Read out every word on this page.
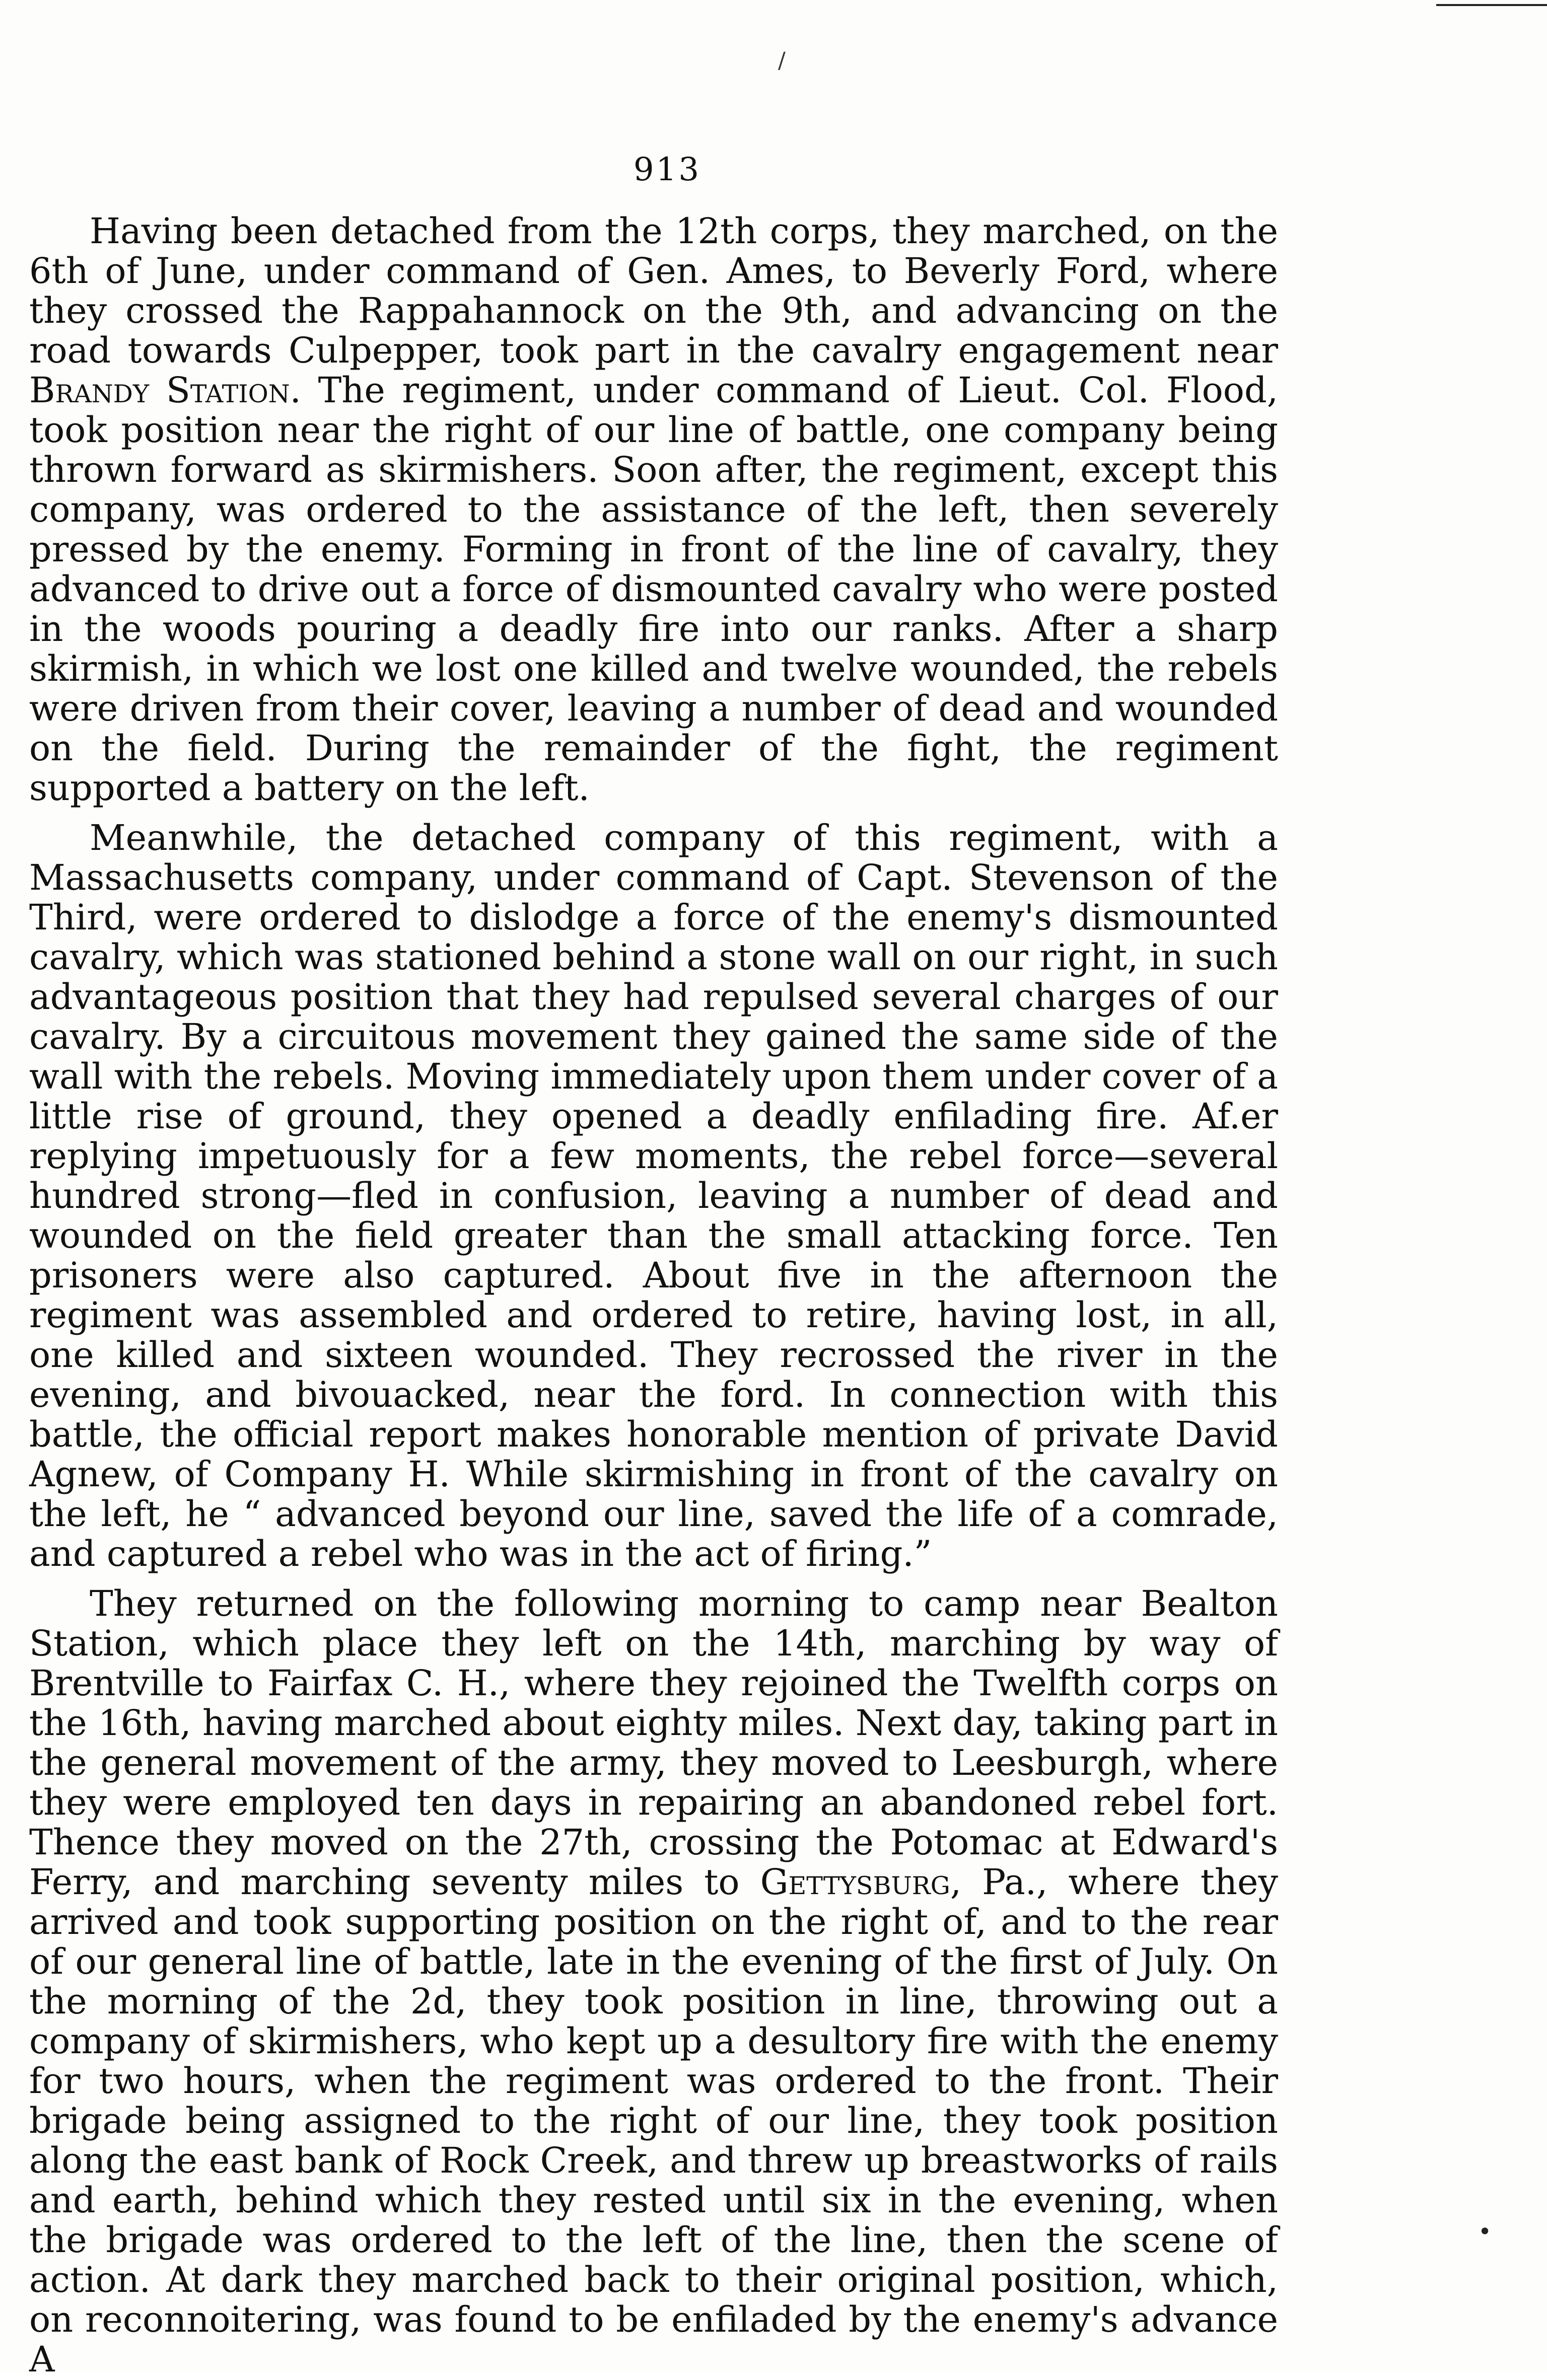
/
913

Having been detached from the 12th corps, they marched, on the 6th of June, under command of Gen. Ames, to Beverly Ford, where they crossed the Rappahannock on the 9th, and advancing on the road towards Culpepper, took part in the cavalry engagement near Brandy Station. The regiment, under command of Lieut. Col. Flood, took position near the right of our line of battle, one company being thrown forward as skirmishers. Soon after, the regiment, except this company, was ordered to the assistance of the left, then severely pressed by the enemy. Forming in front of the line of cavalry, they advanced to drive out a force of dismounted cavalry who were posted in the woods pouring a deadly fire into our ranks. After a sharp skirmish, in which we lost one killed and twelve wounded, the rebels were driven from their cover, leaving a number of dead and wounded on the field. During the remainder of the fight, the regiment supported a battery on the left.

Meanwhile, the detached company of this regiment, with a Massachusetts company, under command of Capt. Stevenson of the Third, were ordered to dislodge a force of the enemy's dismounted cavalry, which was stationed behind a stone wall on our right, in such advantageous position that they had repulsed several charges of our cavalry. By a circuitous movement they gained the same side of the wall with the rebels. Moving immediately upon them under cover of a little rise of ground, they opened a deadly enfilading fire. Af.er replying impetuously for a few moments, the rebel force—several hundred strong—fled in confusion, leaving a number of dead and wounded on the field greater than the small attacking force. Ten prisoners were also captured. About five in the afternoon the regiment was assembled and ordered to retire, having lost, in all, one killed and sixteen wounded. They recrossed the river in the evening, and bivouacked, near the ford. In connection with this battle, the official report makes honorable mention of private David Agnew, of Company H. While skirmishing in front of the cavalry on the left, he “ advanced beyond our line, saved the life of a comrade, and captured a rebel who was in the act of firing.”

They returned on the following morning to camp near Bealton Station, which place they left on the 14th, marching by way of Brentville to Fairfax C. H., where they rejoined the Twelfth corps on the 16th, having marched about eighty miles. Next day, taking part in the general movement of the army, they moved to Leesburgh, where they were employed ten days in repairing an abandoned rebel fort. Thence they moved on the 27th, crossing the Potomac at Edward's Ferry, and marching seventy miles to Gettysburg, Pa., where they arrived and took supporting position on the right of, and to the rear of our general line of battle, late in the evening of the first of July. On the morning of the 2d, they took position in line, throwing out a company of skirmishers, who kept up a desultory fire with the enemy for two hours, when the regiment was ordered to the front. Their brigade being assigned to the right of our line, they took position along the east bank of Rock Creek, and threw up breastworks of rails and earth, behind which they rested until six in the evening, when the brigade was ordered to the left of the line, then the scene of action. At dark they marched back to their original position, which, on reconnoitering, was found to be enfiladed by the enemy's advance A

•
